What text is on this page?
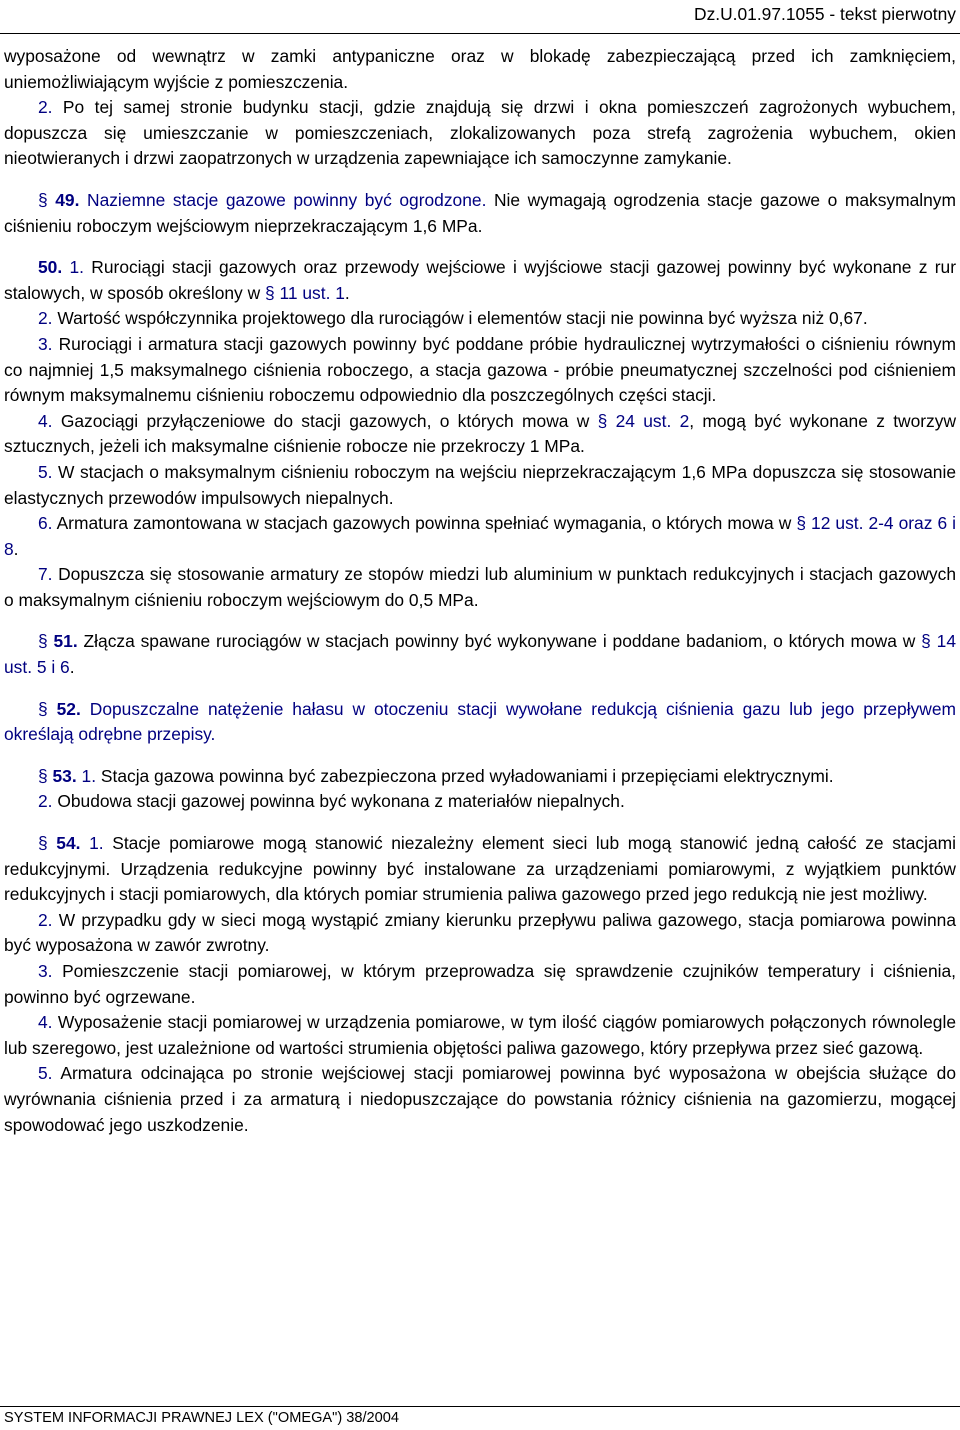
Dz.U.01.97.1055 - tekst pierwotny

wyposażone od wewnątrz w zamki antypaniczne oraz w blokadę zabezpieczającą przed ich zamknięciem, uniemożliwiającym wyjście z pomieszczenia.

2. Po tej samej stronie budynku stacji, gdzie znajdują się drzwi i okna pomieszczeń zagrożonych wybuchem, dopuszcza się umieszczanie w pomieszczeniach, zlokalizowanych poza strefą zagrożenia wybuchem, okien nieotwieranych i drzwi zaopatrzonych w urządzenia zapewniające ich samoczynne zamykanie.

§ 49. Naziemne stacje gazowe powinny być ogrodzone. Nie wymagają ogrodzenia stacje gazowe o maksymalnym ciśnieniu roboczym wejściowym nieprzekraczającym 1,6 MPa.

50. 1. Rurociągi stacji gazowych oraz przewody wejściowe i wyjściowe stacji gazowej powinny być wykonane z rur stalowych, w sposób określony w § 11 ust. 1.

2. Wartość współczynnika projektowego dla rurociągów i elementów stacji nie powinna być wyższa niż 0,67.

3. Rurociągi i armatura stacji gazowych powinny być poddane próbie hydraulicznej wytrzymałości o ciśnieniu równym co najmniej 1,5 maksymalnego ciśnienia roboczego, a stacja gazowa - próbie pneumatycznej szczelności pod ciśnieniem równym maksymalnemu ciśnieniu roboczemu odpowiednio dla poszczególnych części stacji.

4. Gazociągi przyłączeniowe do stacji gazowych, o których mowa w § 24 ust. 2, mogą być wykonane z tworzyw sztucznych, jeżeli ich maksymalne ciśnienie robocze nie przekroczy 1 MPa.

5. W stacjach o maksymalnym ciśnieniu roboczym na wejściu nieprzekraczającym 1,6 MPa dopuszcza się stosowanie elastycznych przewodów impulsowych niepalnych.

6. Armatura zamontowana w stacjach gazowych powinna spełniać wymagania, o których mowa w § 12 ust. 2-4 oraz 6 i 8.

7. Dopuszcza się stosowanie armatury ze stopów miedzi lub aluminium w punktach redukcyjnych i stacjach gazowych o maksymalnym ciśnieniu roboczym wejściowym do 0,5 MPa.

§ 51. Złącza spawane rurociągów w stacjach powinny być wykonywane i poddane badaniom, o których mowa w § 14 ust. 5 i 6.

§ 52. Dopuszczalne natężenie hałasu w otoczeniu stacji wywołane redukcją ciśnienia gazu lub jego przepływem określają odrębne przepisy.

§ 53. 1. Stacja gazowa powinna być zabezpieczona przed wyładowaniami i przepięciami elektrycznymi.

2. Obudowa stacji gazowej powinna być wykonana z materiałów niepalnych.

§ 54. 1. Stacje pomiarowe mogą stanowić niezależny element sieci lub mogą stanowić jedną całość ze stacjami redukcyjnymi. Urządzenia redukcyjne powinny być instalowane za urządzeniami pomiarowymi, z wyjątkiem punktów redukcyjnych i stacji pomiarowych, dla których pomiar strumienia paliwa gazowego przed jego redukcją nie jest możliwy.

2. W przypadku gdy w sieci mogą wystąpić zmiany kierunku przepływu paliwa gazowego, stacja pomiarowa powinna być wyposażona w zawór zwrotny.

3. Pomieszczenie stacji pomiarowej, w którym przeprowadza się sprawdzenie czujników temperatury i ciśnienia, powinno być ogrzewane.

4. Wyposażenie stacji pomiarowej w urządzenia pomiarowe, w tym ilość ciągów pomiarowych połączonych równolegle lub szeregowo, jest uzależnione od wartości strumienia objętości paliwa gazowego, który przepływa przez sieć gazową.

5. Armatura odcinająca po stronie wejściowej stacji pomiarowej powinna być wyposażona w obejścia służące do wyrównania ciśnienia przed i za armaturą i niedopuszczające do powstania różnicy ciśnienia na gazomierzu, mogącej spowodować jego uszkodzenie.

SYSTEM INFORMACJI PRAWNEJ LEX ("OMEGA") 38/2004
